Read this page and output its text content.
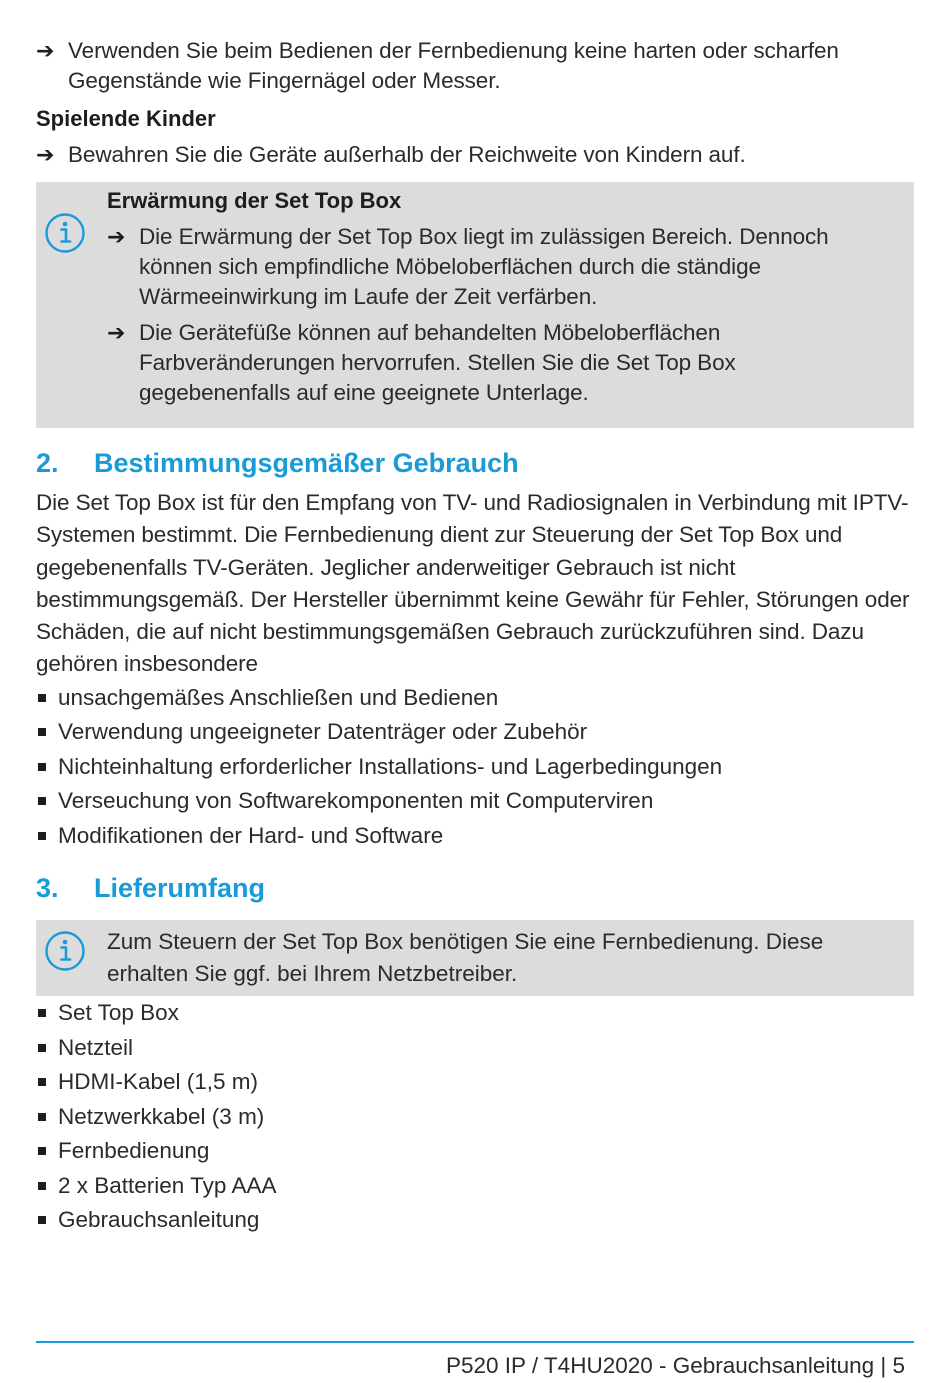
➔ Verwenden Sie beim Bedienen der Fernbedienung keine harten oder scharfen Gegenstände wie Fingernägel oder Messer.
Spielende Kinder
➔ Bewahren Sie die Geräte außerhalb der Reichweite von Kindern auf.
Erwärmung der Set Top Box
➔ Die Erwärmung der Set Top Box liegt im zulässigen Bereich. Dennoch können sich empfindliche Möbeloberflächen durch die ständige Wärmeeinwirkung im Laufe der Zeit verfärben.
➔ Die Gerätefüße können auf behandelten Möbeloberflächen Farbveränderungen hervorrufen. Stellen Sie die Set Top Box gegebenenfalls auf eine geeignete Unterlage.
2. Bestimmungsgemäßer Gebrauch
Die Set Top Box ist für den Empfang von TV- und Radiosignalen in Verbindung mit IPTV-Systemen bestimmt. Die Fernbedienung dient zur Steuerung der Set Top Box und gegebenenfalls TV-Geräten. Jeglicher anderweitiger Gebrauch ist nicht bestimmungsgemäß. Der Hersteller übernimmt keine Gewähr für Fehler, Störungen oder Schäden, die auf nicht bestimmungsgemäßen Gebrauch zurückzuführen sind. Dazu gehören insbesondere
unsachgemäßes Anschließen und Bedienen
Verwendung ungeeigneter Datenträger oder Zubehör
Nichteinhaltung erforderlicher Installations- und Lagerbedingungen
Verseuchung von Softwarekomponenten mit Computerviren
Modifikationen der Hard- und Software
3. Lieferumfang
Zum Steuern der Set Top Box benötigen Sie eine Fernbedienung. Diese erhalten Sie ggf. bei Ihrem Netzbetreiber.
Set Top Box
Netzteil
HDMI-Kabel (1,5 m)
Netzwerkkabel (3 m)
Fernbedienung
2 x Batterien Typ AAA
Gebrauchsanleitung
P520 IP / T4HU2020 - Gebrauchsanleitung | 5
